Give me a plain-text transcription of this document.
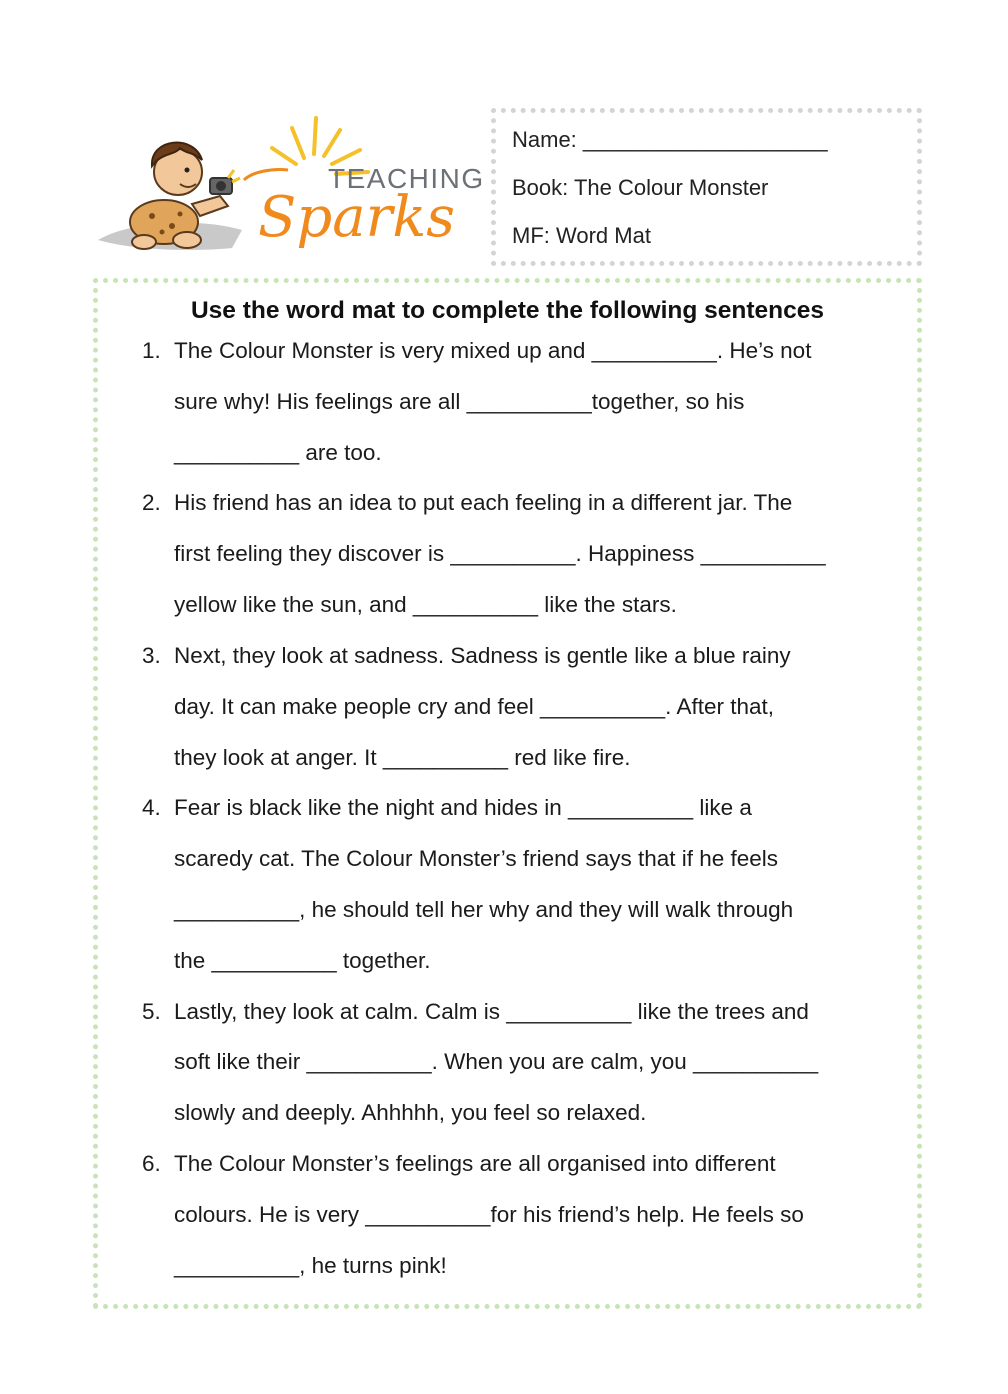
TEACHING
Sparks
Name: ____________________
Book: The Colour Monster
MF: Word Mat
Use the word mat to complete the following sentences
1. The Colour Monster is very mixed up and __________. He’s not
sure why! His feelings are all __________together, so his
__________ are too.
2. His friend has an idea to put each feeling in a different jar. The
first feeling they discover is __________. Happiness __________
yellow like the sun, and __________ like the stars.
3. Next, they look at sadness. Sadness is gentle like a blue rainy
day. It can make people cry and feel __________. After that,
they look at anger. It __________ red like fire.
4. Fear is black like the night and hides in __________ like a
scaredy cat. The Colour Monster’s friend says that if he feels
__________, he should tell her why and they will walk through
the __________ together.
5. Lastly, they look at calm. Calm is __________ like the trees and
soft like their __________. When you are calm, you __________
slowly and deeply. Ahhhhh, you feel so relaxed.
6. The Colour Monster’s feelings are all organised into different
colours. He is very __________for his friend’s help. He feels so
__________, he turns pink!
